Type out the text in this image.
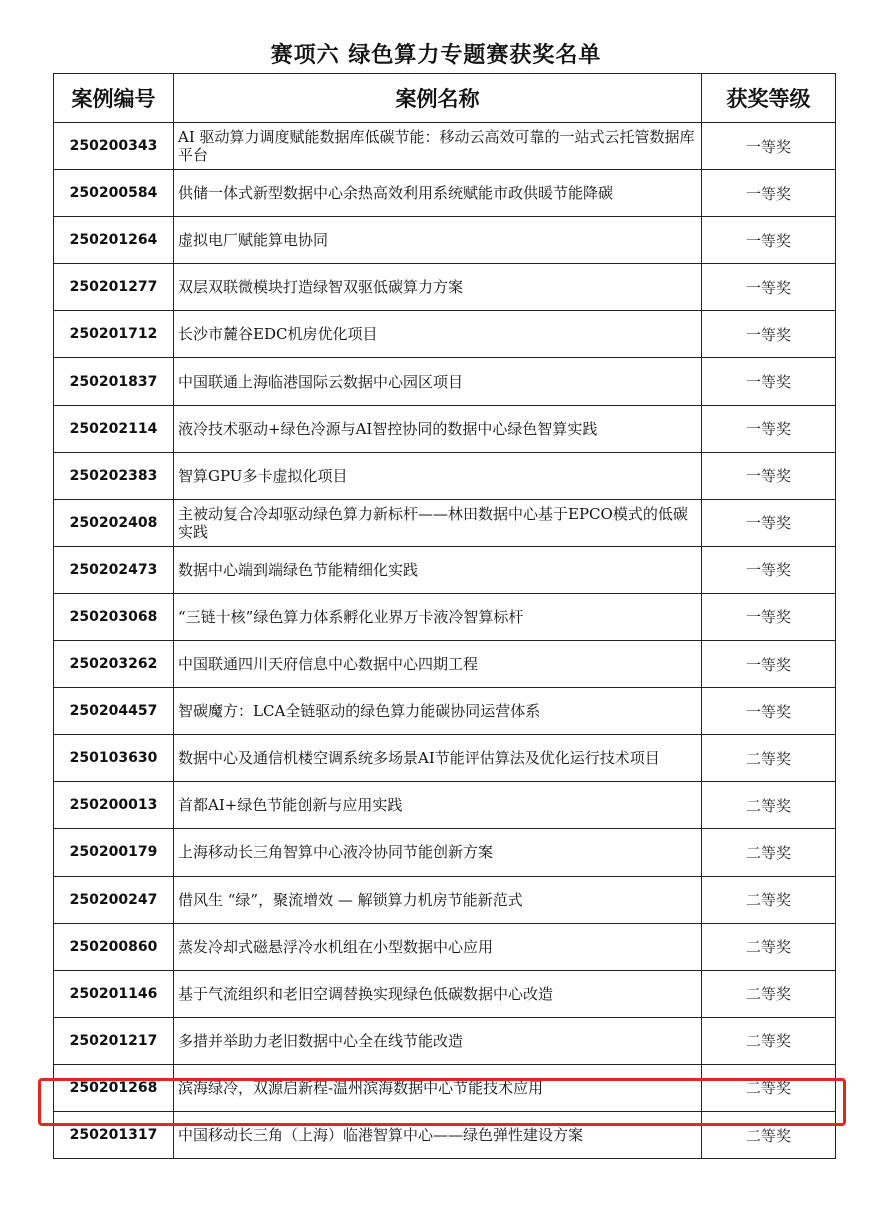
赛项六 绿色算力专题赛获奖名单
案例编号	案例名称	获奖等级
250200343	AI 驱动算力调度赋能数据库低碳节能：移动云高效可靠的一站式云托管数据库平台	一等奖
250200584	供储一体式新型数据中心余热高效利用系统赋能市政供暖节能降碳	一等奖
250201264	虚拟电厂赋能算电协同	一等奖
250201277	双层双联微模块打造绿智双驱低碳算力方案	一等奖
250201712	长沙市麓谷EDC机房优化项目	一等奖
250201837	中国联通上海临港国际云数据中心园区项目	一等奖
250202114	液冷技术驱动+绿色冷源与AI智控协同的数据中心绿色智算实践	一等奖
250202383	智算GPU多卡虚拟化项目	一等奖
250202408	主被动复合冷却驱动绿色算力新标杆——林田数据中心基于EPCO模式的低碳实践	一等奖
250202473	数据中心端到端绿色节能精细化实践	一等奖
250203068	“三链十核”绿色算力体系孵化业界万卡液冷智算标杆	一等奖
250203262	中国联通四川天府信息中心数据中心四期工程	一等奖
250204457	智碳魔方：LCA全链驱动的绿色算力能碳协同运营体系	一等奖
250103630	数据中心及通信机楼空调系统多场景AI节能评估算法及优化运行技术项目	二等奖
250200013	首都AI+绿色节能创新与应用实践	二等奖
250200179	上海移动长三角智算中心液冷协同节能创新方案	二等奖
250200247	借风生 “绿”，聚流增效 — 解锁算力机房节能新范式	二等奖
250200860	蒸发冷却式磁悬浮冷水机组在小型数据中心应用	二等奖
250201146	基于气流组织和老旧空调替换实现绿色低碳数据中心改造	二等奖
250201217	多措并举助力老旧数据中心全在线节能改造	二等奖
250201268	滨海绿冷，双源启新程-温州滨海数据中心节能技术应用	二等奖
250201317	中国移动长三角（上海）临港智算中心——绿色弹性建设方案	二等奖
